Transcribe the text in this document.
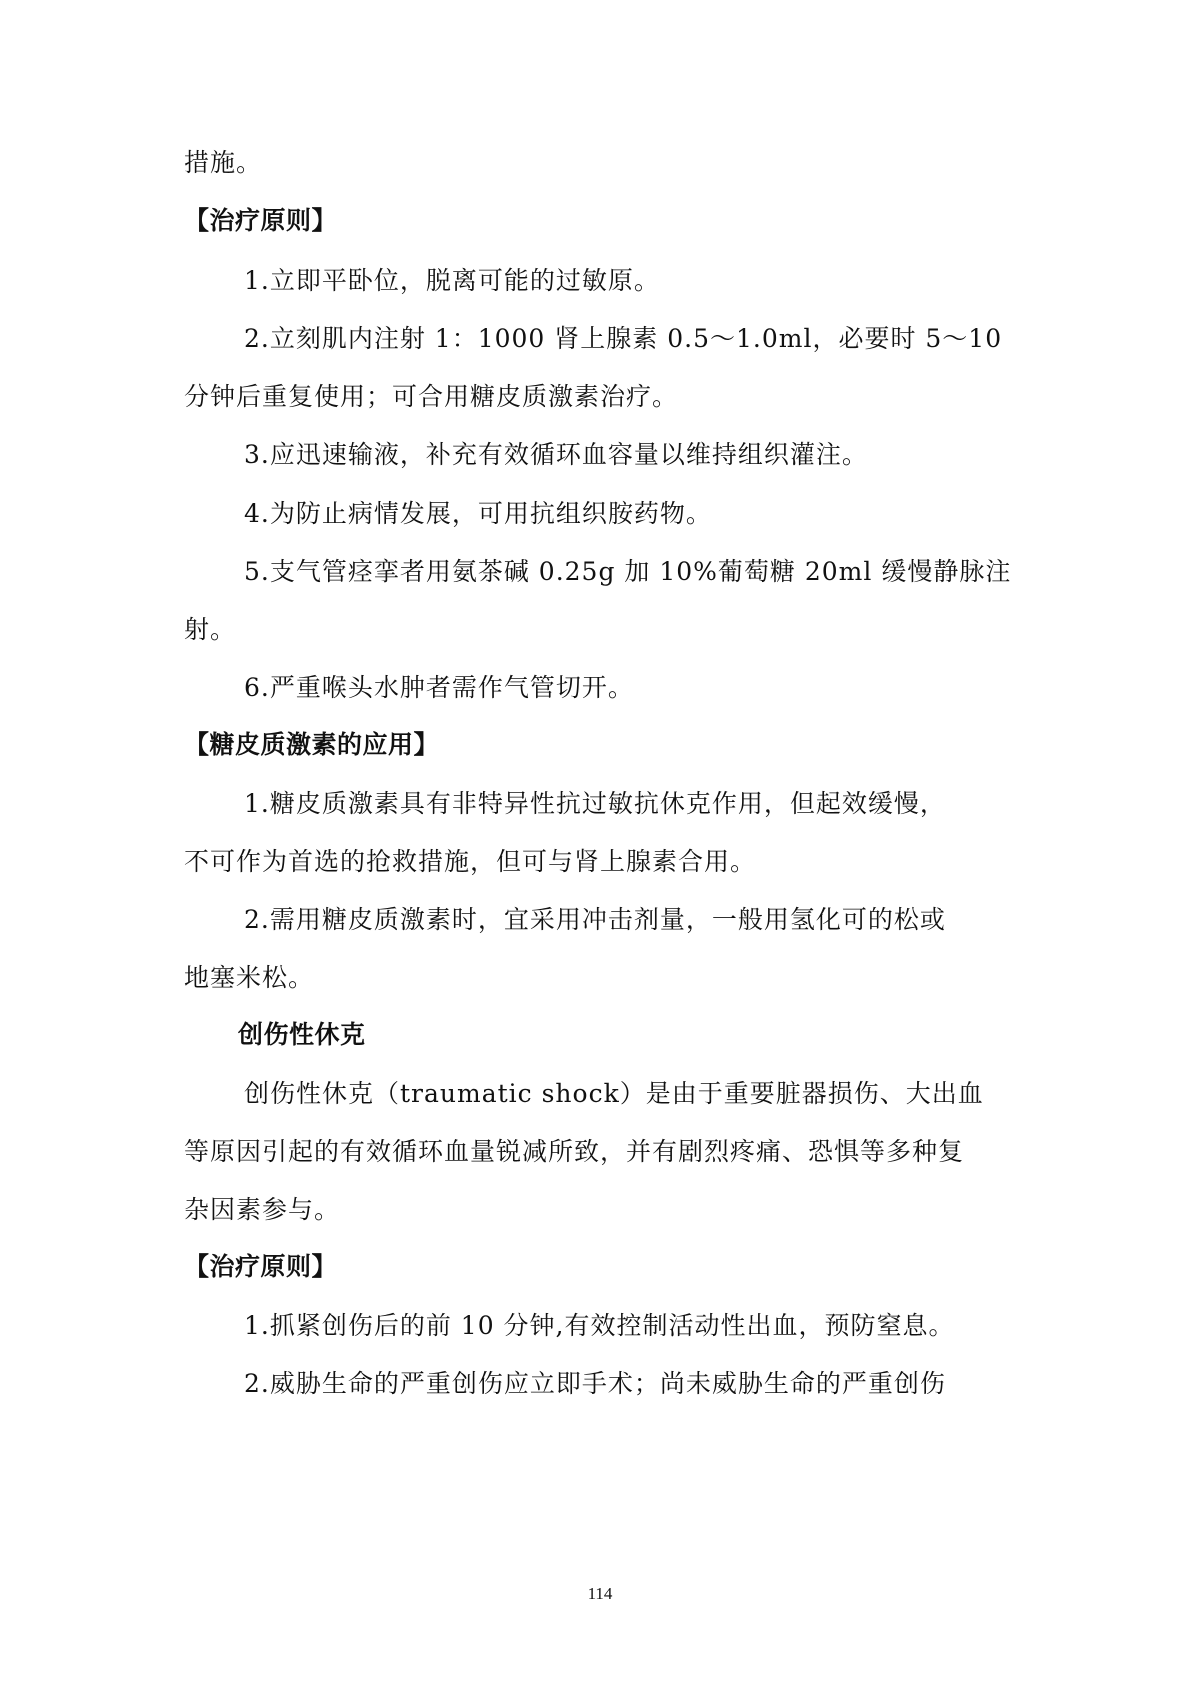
措施。
【治疗原则】
1.立即平卧位，脱离可能的过敏原。
2.立刻肌内注射 1：1000 肾上腺素 0.5～1.0ml，必要时 5～10
分钟后重复使用；可合用糖皮质激素治疗。
3.应迅速输液，补充有效循环血容量以维持组织灌注。
4.为防止病情发展，可用抗组织胺药物。
5.支气管痉挛者用氨茶碱 0.25g 加 10%葡萄糖 20ml 缓慢静脉注
射。
6.严重喉头水肿者需作气管切开。
【糖皮质激素的应用】
1.糖皮质激素具有非特异性抗过敏抗休克作用，但起效缓慢，
不可作为首选的抢救措施，但可与肾上腺素合用。
2.需用糖皮质激素时，宜采用冲击剂量，一般用氢化可的松或
地塞米松。
创伤性休克
创伤性休克（traumatic shock）是由于重要脏器损伤、大出血
等原因引起的有效循环血量锐减所致，并有剧烈疼痛、恐惧等多种复
杂因素参与。
【治疗原则】
1.抓紧创伤后的前 10 分钟,有效控制活动性出血，预防窒息。
2.威胁生命的严重创伤应立即手术；尚未威胁生命的严重创伤
114
